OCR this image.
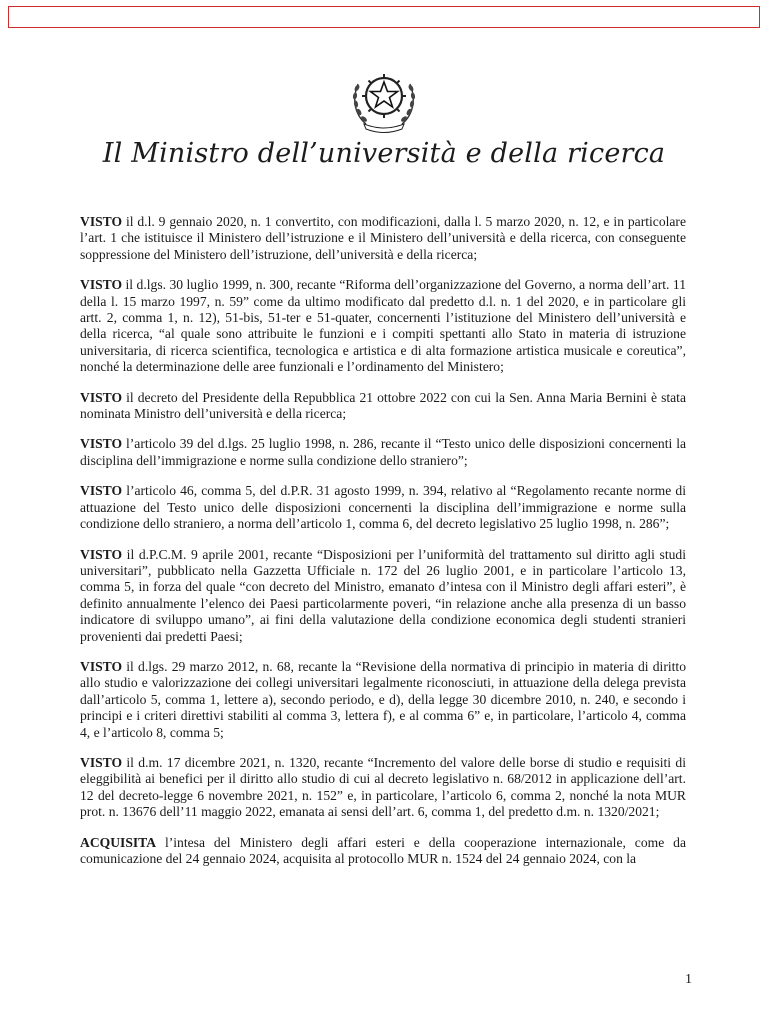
Il Ministro dell’università e della ricerca

VISTO il d.l. 9 gennaio 2020, n. 1 convertito, con modificazioni, dalla l. 5 marzo 2020, n. 12, e in particolare l’art. 1 che istituisce il Ministero dell’istruzione e il Ministero dell’università e della ricerca, con conseguente soppressione del Ministero dell’istruzione, dell’università e della ricerca;

VISTO il d.lgs. 30 luglio 1999, n. 300, recante “Riforma dell’organizzazione del Governo, a norma dell’art. 11 della l. 15 marzo 1997, n. 59” come da ultimo modificato dal predetto d.l. n. 1 del 2020, e in particolare gli artt. 2, comma 1, n. 12), 51-bis, 51-ter e 51-quater, concernenti l’istituzione del Ministero dell’università e della ricerca, “al quale sono attribuite le funzioni e i compiti spettanti allo Stato in materia di istruzione universitaria, di ricerca scientifica, tecnologica e artistica e di alta formazione artistica musicale e coreutica”, nonché la determinazione delle aree funzionali e l’ordinamento del Ministero;

VISTO il decreto del Presidente della Repubblica 21 ottobre 2022 con cui la Sen. Anna Maria Bernini è stata nominata Ministro dell’università e della ricerca;

VISTO l’articolo 39 del d.lgs. 25 luglio 1998, n. 286, recante il “Testo unico delle disposizioni concernenti la disciplina dell’immigrazione e norme sulla condizione dello straniero”;

VISTO l’articolo 46, comma 5, del d.P.R. 31 agosto 1999, n. 394, relativo al “Regolamento recante norme di attuazione del Testo unico delle disposizioni concernenti la disciplina dell’immigrazione e norme sulla condizione dello straniero, a norma dell’articolo 1, comma 6, del decreto legislativo 25 luglio 1998, n. 286”;

VISTO il d.P.C.M. 9 aprile 2001, recante “Disposizioni per l’uniformità del trattamento sul diritto agli studi universitari”, pubblicato nella Gazzetta Ufficiale n. 172 del 26 luglio 2001, e in particolare l’articolo 13, comma 5, in forza del quale “con decreto del Ministro, emanato d’intesa con il Ministro degli affari esteri”, è definito annualmente l’elenco dei Paesi particolarmente poveri, “in relazione anche alla presenza di un basso indicatore di sviluppo umano”, ai fini della valutazione della condizione economica degli studenti stranieri provenienti dai predetti Paesi;

VISTO il d.lgs. 29 marzo 2012, n. 68, recante la “Revisione della normativa di principio in materia di diritto allo studio e valorizzazione dei collegi universitari legalmente riconosciuti, in attuazione della delega prevista dall’articolo 5, comma 1, lettere a), secondo periodo, e d), della legge 30 dicembre 2010, n. 240, e secondo i principi e i criteri direttivi stabiliti al comma 3, lettera f), e al comma 6” e, in particolare, l’articolo 4, comma 4, e l’articolo 8, comma 5;

VISTO il d.m. 17 dicembre 2021, n. 1320, recante “Incremento del valore delle borse di studio e requisiti di eleggibilità ai benefici per il diritto allo studio di cui al decreto legislativo n. 68/2012 in applicazione dell’art. 12 del decreto-legge 6 novembre 2021, n. 152” e, in particolare, l’articolo 6, comma 2, nonché la nota MUR prot. n. 13676 dell’11 maggio 2022, emanata ai sensi dell’art. 6, comma 1, del predetto d.m. n. 1320/2021;

ACQUISITA l’intesa del Ministero degli affari esteri e della cooperazione internazionale, come da comunicazione del 24 gennaio 2024, acquisita al protocollo MUR n. 1524 del 24 gennaio 2024, con la

1
